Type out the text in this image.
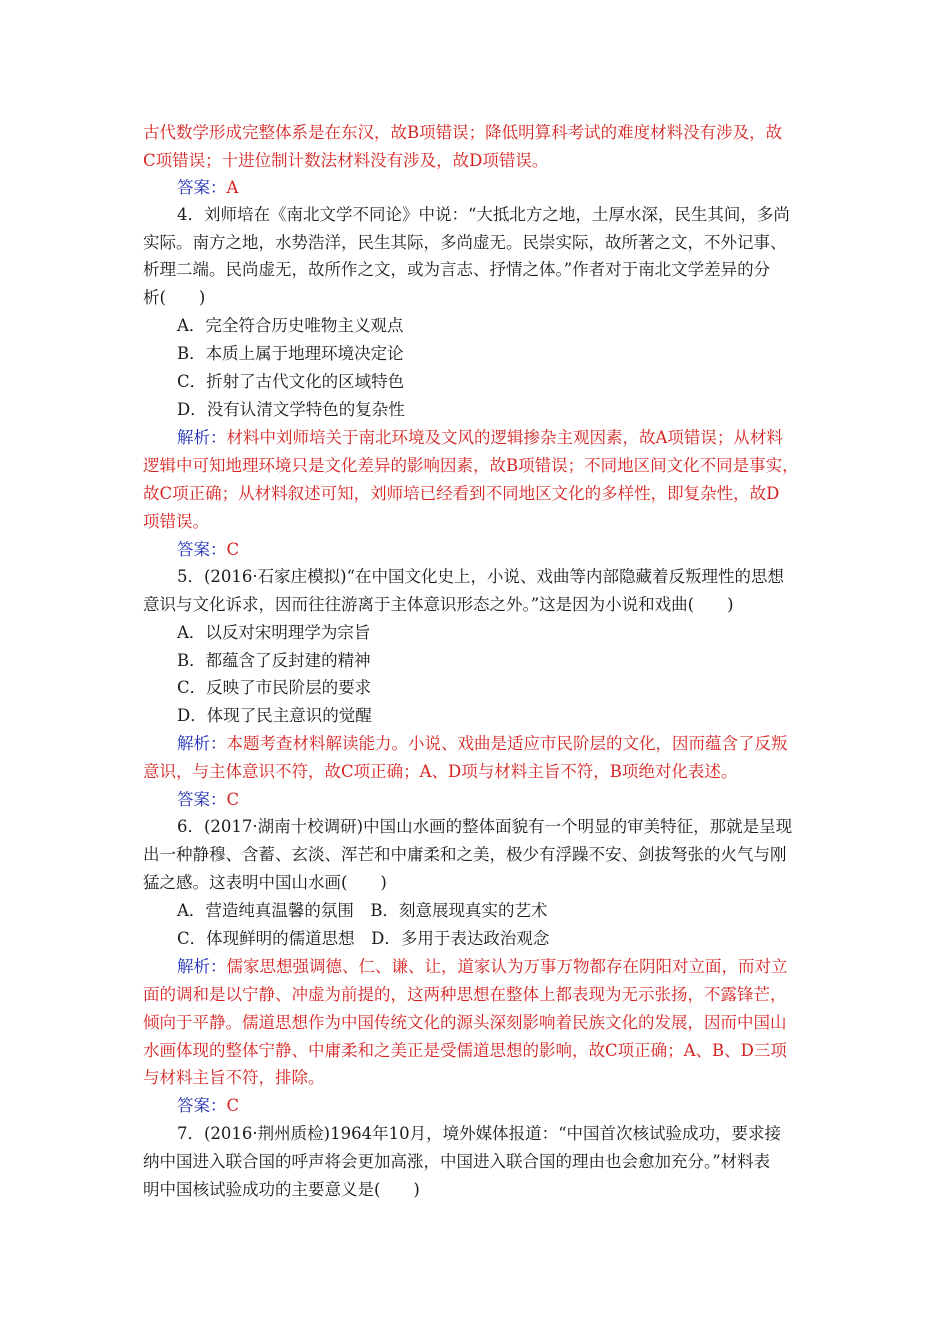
古代数学形成完整体系是在东汉，故B项错误；降低明算科考试的难度材料没有涉及，故
C项错误；十进位制计数法材料没有涉及，故D项错误。
答案：A
4．刘师培在《南北文学不同论》中说：“大抵北方之地，土厚水深，民生其间，多尚
实际。南方之地，水势浩洋，民生其际，多尚虚无。民崇实际，故所著之文，不外记事、
析理二端。民尚虚无，故所作之文，或为言志、抒情之体。”作者对于南北文学差异的分
析(　　)
A．完全符合历史唯物主义观点
B．本质上属于地理环境决定论
C．折射了古代文化的区域特色
D．没有认清文学特色的复杂性
解析：材料中刘师培关于南北环境及文风的逻辑掺杂主观因素，故A项错误；从材料
逻辑中可知地理环境只是文化差异的影响因素，故B项错误；不同地区间文化不同是事实，
故C项正确；从材料叙述可知，刘师培已经看到不同地区文化的多样性，即复杂性，故D
项错误。
答案：C
5．(2016·石家庄模拟)“在中国文化史上，小说、戏曲等内部隐藏着反叛理性的思想
意识与文化诉求，因而往往游离于主体意识形态之外。”这是因为小说和戏曲(　　)
A．以反对宋明理学为宗旨
B．都蕴含了反封建的精神
C．反映了市民阶层的要求
D．体现了民主意识的觉醒
解析：本题考查材料解读能力。小说、戏曲是适应市民阶层的文化，因而蕴含了反叛
意识，与主体意识不符，故C项正确；A、D项与材料主旨不符，B项绝对化表述。
答案：C
6．(2017·湖南十校调研)中国山水画的整体面貌有一个明显的审美特征，那就是呈现
出一种静穆、含蓄、玄淡、浑芒和中庸柔和之美，极少有浮躁不安、剑拔弩张的火气与刚
猛之感。这表明中国山水画(　　)
A．营造纯真温馨的氛围　B．刻意展现真实的艺术
C．体现鲜明的儒道思想　D．多用于表达政治观念
解析：儒家思想强调德、仁、谦、让，道家认为万事万物都存在阴阳对立面，而对立
面的调和是以宁静、冲虚为前提的，这两种思想在整体上都表现为无示张扬，不露锋芒，
倾向于平静。儒道思想作为中国传统文化的源头深刻影响着民族文化的发展，因而中国山
水画体现的整体宁静、中庸柔和之美正是受儒道思想的影响，故C项正确；A、B、D三项
与材料主旨不符，排除。
答案：C
7．(2016·荆州质检)1964年10月，境外媒体报道：“中国首次核试验成功，要求接
纳中国进入联合国的呼声将会更加高涨，中国进入联合国的理由也会愈加充分。”材料表
明中国核试验成功的主要意义是(　　)
